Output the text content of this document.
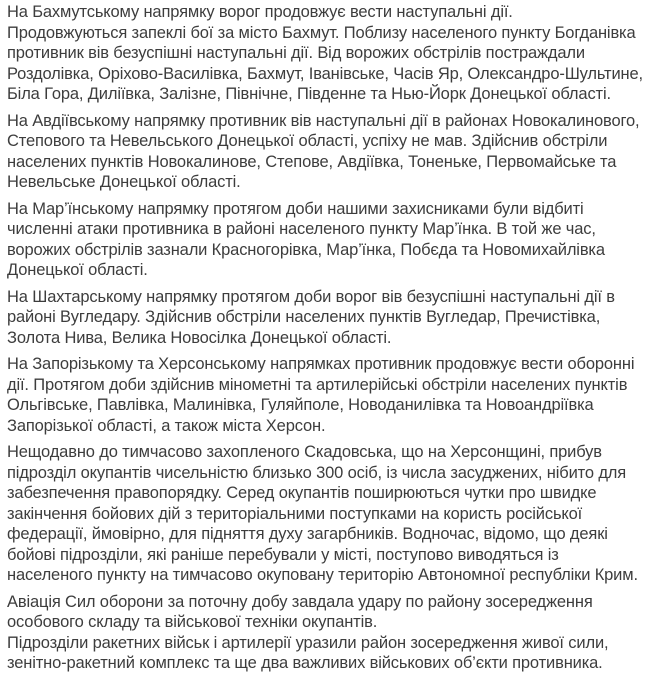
На Бахмутському напрямку ворог продовжує вести наступальні дії.
Продовжуються запеклі бої за місто Бахмут. Поблизу населеного пункту Богданівка противник вів безуспішні наступальні дії. Від ворожих обстрілів постраждали Роздолівка, Оріхово-Василівка, Бахмут, Іванівське, Часів Яр, Олександро-Шультине, Біла Гора, Диліївка, Залізне, Північне, Південне та Нью-Йорк Донецької області.

На Авдіївському напрямку противник вів наступальні дії в районах Новокалинового, Степового та Невельського Донецької області, успіху не мав. Здійснив обстріли населених пунктів Новокалинове, Степове, Авдіївка, Тоненьке, Первомайське та Невельське Донецької області.

На Мар’їнському напрямку протягом доби нашими захисниками були відбиті численні атаки противника в районі населеного пункту Мар’їнка. В той же час, ворожих обстрілів зазнали Красногорівка, Мар’їнка, Побєда та Новомихайлівка Донецької області.

На Шахтарському напрямку протягом доби ворог вів безуспішні наступальні дії в районі Вугледару. Здійснив обстріли населених пунктів Вугледар, Пречистівка, Золота Нива, Велика Новосілка Донецької області.

На Запорізькому та Херсонському напрямках противник продовжує вести оборонні дії. Протягом доби здійснив мінометні та артилерійські обстріли населених пунктів Ольгівське, Павлівка, Малинівка, Гуляйполе, Новоданилівка та Новоандріївка Запорізької області, а також міста Херсон.

Нещодавно до тимчасово захопленого Скадовська, що на Херсонщині, прибув підрозділ окупантів чисельністю близько 300 осіб, із числа засуджених, нібито для забезпечення правопорядку. Серед окупантів поширюються чутки про швидке закінчення бойових дій з територіальними поступками на користь російської федерації, ймовірно, для підняття духу загарбників. Водночас, відомо, що деякі бойові підрозділи, які раніше перебували у місті, поступово виводяться із населеного пункту на тимчасово окуповану територію Автономної республіки Крим.

Авіація Сил оборони за поточну добу завдала удару по району зосередження особового складу та військової техніки окупантів.
Підрозділи ракетних військ і артилерії уразили район зосередження живої сили, зенітно-ракетний комплекс та ще два важливих військових об’єкти противника.
